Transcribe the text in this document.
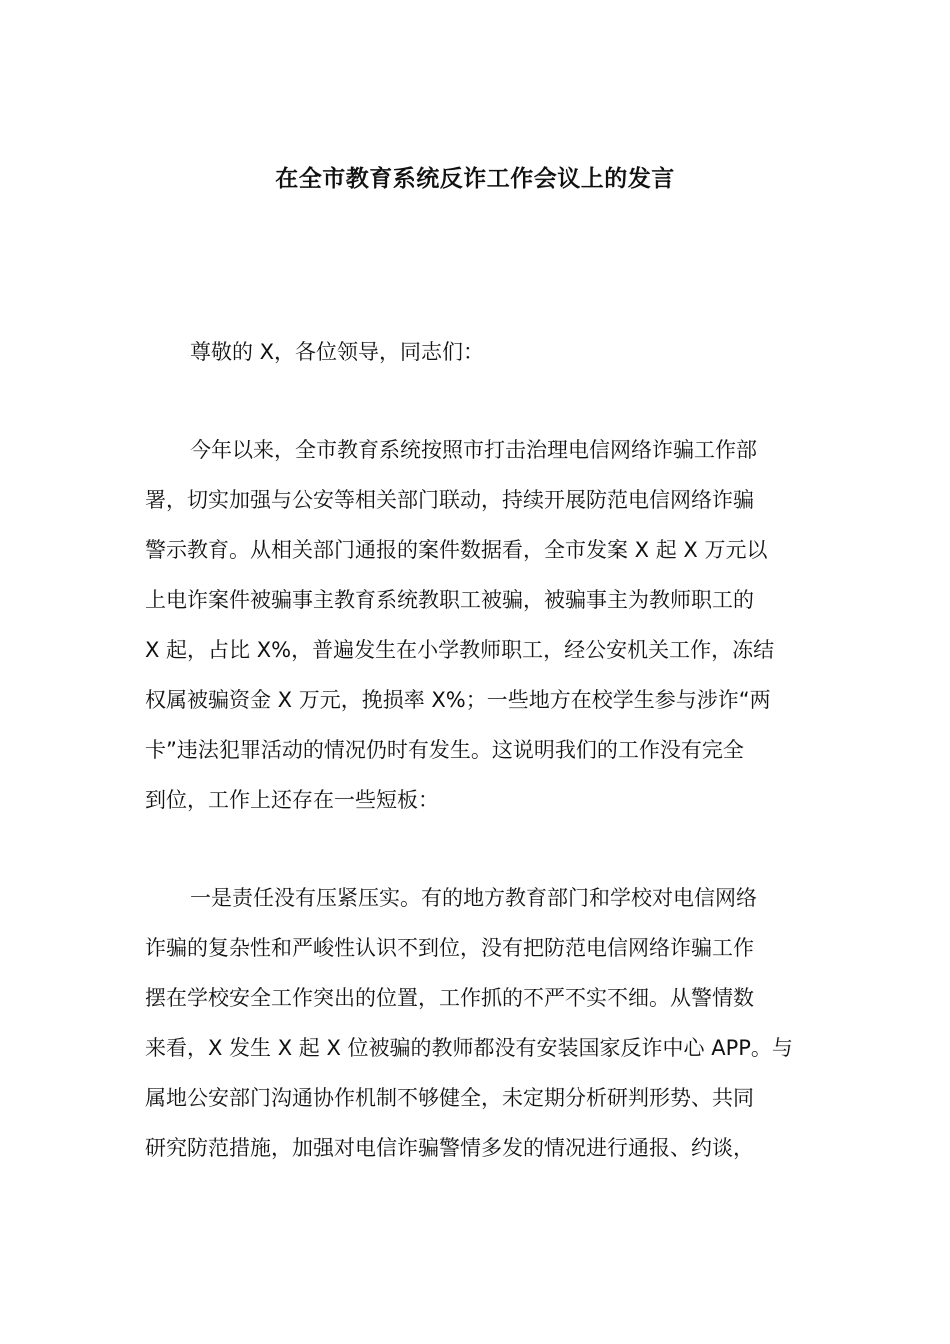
在全市教育系统反诈工作会议上的发言

尊敬的 X，各位领导，同志们：

今年以来，全市教育系统按照市打击治理电信网络诈骗工作部
署，切实加强与公安等相关部门联动，持续开展防范电信网络诈骗
警示教育。从相关部门通报的案件数据看，全市发案 X 起 X 万元以
上电诈案件被骗事主教育系统教职工被骗，被骗事主为教师职工的
X 起，占比 X%，普遍发生在小学教师职工，经公安机关工作，冻结
权属被骗资金 X 万元，挽损率 X%；一些地方在校学生参与涉诈“两
卡”违法犯罪活动的情况仍时有发生。这说明我们的工作没有完全
到位，工作上还存在一些短板：
一是责任没有压紧压实。有的地方教育部门和学校对电信网络
诈骗的复杂性和严峻性认识不到位，没有把防范电信网络诈骗工作
摆在学校安全工作突出的位置，工作抓的不严不实不细。从警情数
来看，X 发生 X 起 X 位被骗的教师都没有安装国家反诈中心 APP。与
属地公安部门沟通协作机制不够健全，未定期分析研判形势、共同
研究防范措施，加强对电信诈骗警情多发的情况进行通报、约谈，
